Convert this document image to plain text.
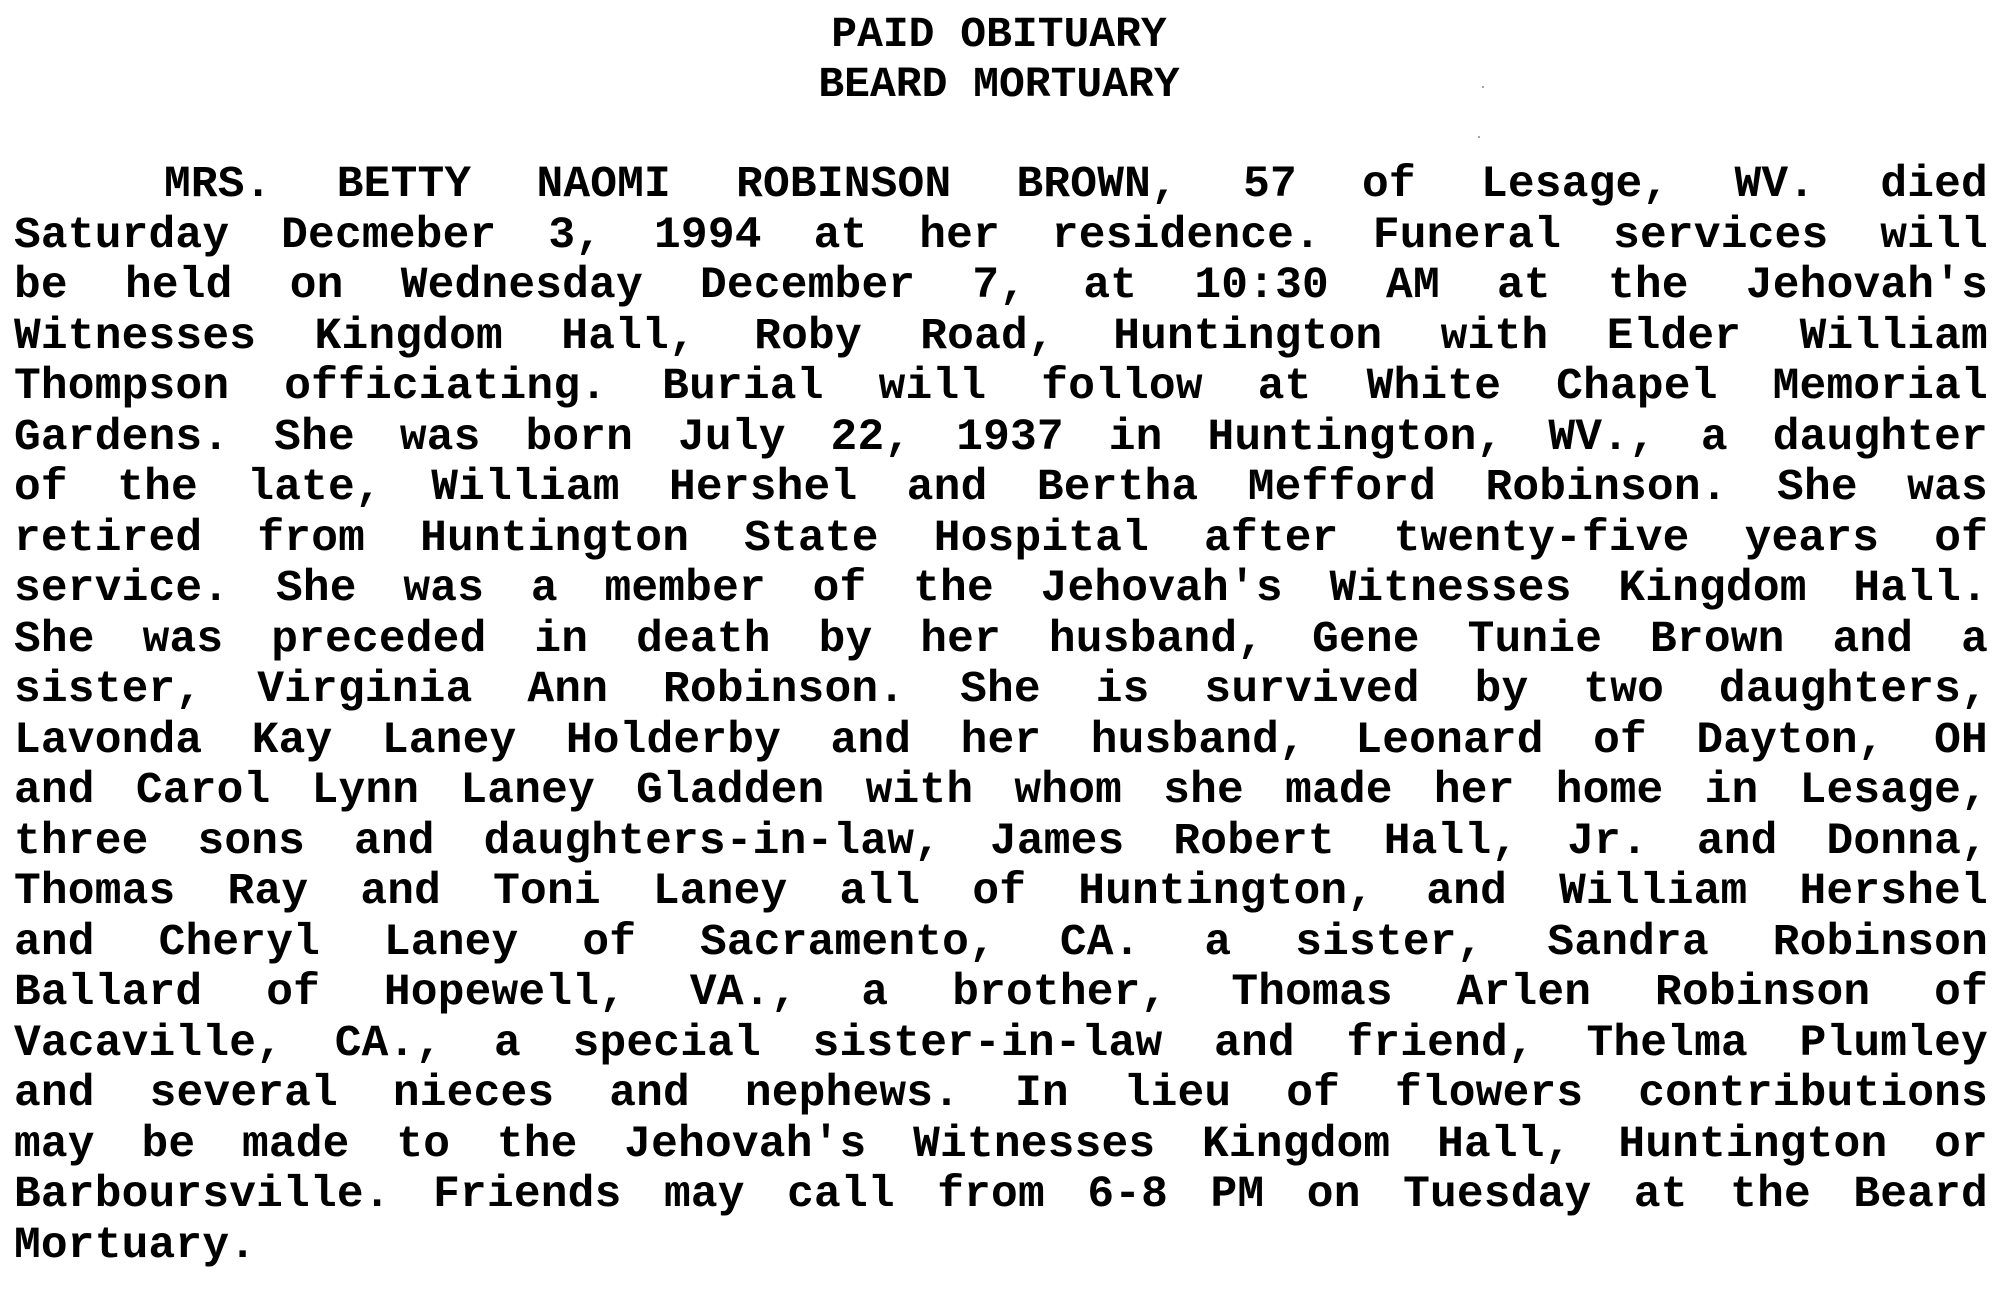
PAID OBITUARY
BEARD MORTUARY
MRS. BETTY NAOMI ROBINSON BROWN, 57 of Lesage, WV. died
Saturday Decmeber 3, 1994 at her residence. Funeral services will
be held on Wednesday December 7, at 10:30 AM at the Jehovah's
Witnesses Kingdom Hall, Roby Road, Huntington with Elder William
Thompson officiating. Burial will follow at White Chapel Memorial
Gardens. She was born July 22, 1937 in Huntington, WV., a daughter
of the late, William Hershel and Bertha Mefford Robinson. She was
retired from Huntington State Hospital after twenty-five years of
service. She was a member of the Jehovah's Witnesses Kingdom Hall.
She was preceded in death by her husband, Gene Tunie Brown and a
sister, Virginia Ann Robinson. She is survived by two daughters,
Lavonda Kay Laney Holderby and her husband, Leonard of Dayton, OH
and Carol Lynn Laney Gladden with whom she made her home in Lesage,
three sons and daughters-in-law, James Robert Hall, Jr. and Donna,
Thomas Ray and Toni Laney all of Huntington, and William Hershel
and Cheryl Laney of Sacramento, CA. a sister, Sandra Robinson
Ballard of Hopewell, VA., a brother, Thomas Arlen Robinson of
Vacaville, CA., a special sister-in-law and friend, Thelma Plumley
and several nieces and nephews. In lieu of flowers contributions
may be made to the Jehovah's Witnesses Kingdom Hall, Huntington or
Barboursville. Friends may call from 6-8 PM on Tuesday at the Beard
Mortuary.
